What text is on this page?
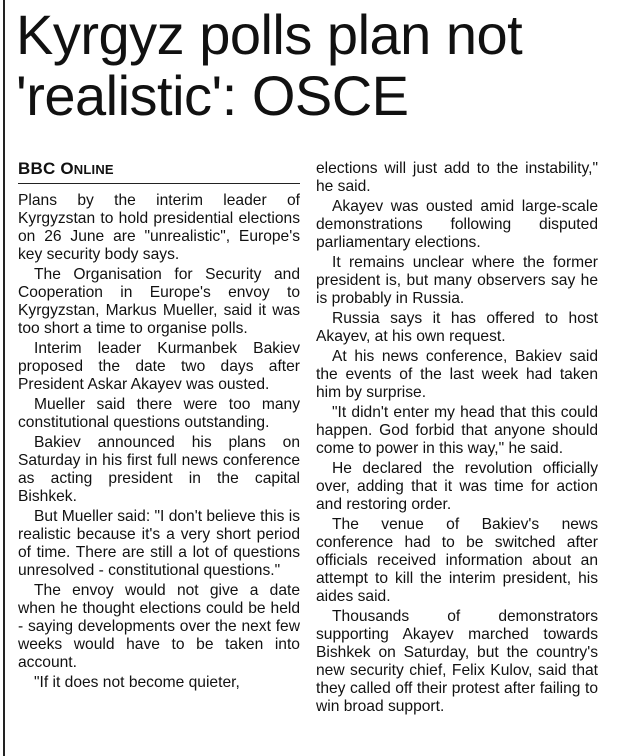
Kyrgyz polls plan not 'realistic': OSCE
BBC ONLINE

Plans by the interim leader of Kyrgyzstan to hold presidential elections on 26 June are "unrealistic", Europe's key security body says.

The Organisation for Security and Cooperation in Europe's envoy to Kyrgyzstan, Markus Mueller, said it was too short a time to organise polls.

Interim leader Kurmanbek Bakiev proposed the date two days after President Askar Akayev was ousted.

Mueller said there were too many constitutional questions outstanding.

Bakiev announced his plans on Saturday in his first full news conference as acting president in the capital Bishkek.

But Mueller said: "I don't believe this is realistic because it's a very short period of time. There are still a lot of questions unresolved - constitutional questions."

The envoy would not give a date when he thought elections could be held - saying developments over the next few weeks would have to be taken into account.

"If it does not become quieter,

elections will just add to the instability," he said.

Akayev was ousted amid large-scale demonstrations following disputed parliamentary elections.

It remains unclear where the former president is, but many observers say he is probably in Russia.

Russia says it has offered to host Akayev, at his own request.

At his news conference, Bakiev said the events of the last week had taken him by surprise.

"It didn't enter my head that this could happen. God forbid that anyone should come to power in this way," he said.

He declared the revolution officially over, adding that it was time for action and restoring order.

The venue of Bakiev's news conference had to be switched after officials received information about an attempt to kill the interim president, his aides said.

Thousands of demonstrators supporting Akayev marched towards Bishkek on Saturday, but the country's new security chief, Felix Kulov, said that they called off their protest after failing to win broad support.
